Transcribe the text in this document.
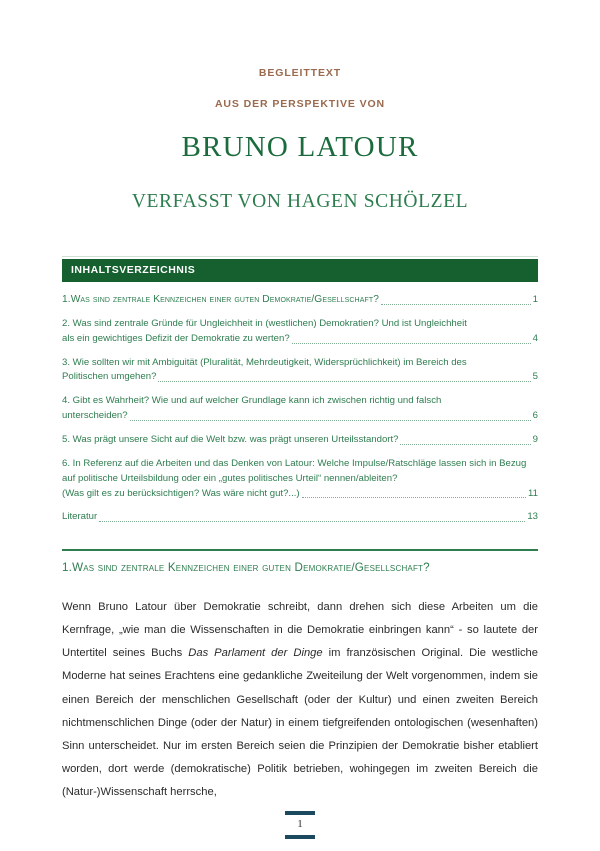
BEGLEITTEXT

AUS DER PERSPEKTIVE VON

BRUNO LATOUR

VERFASST VON HAGEN SCHÖLZEL

INHALTSVERZEICHNIS
1.Was sind zentrale Kennzeichen einer guten Demokratie/Gesellschaft?	1
2. Was sind zentrale Gründe für Ungleichheit in (westlichen) Demokratien? Und ist Ungleichheit
als ein gewichtiges Defizit der Demokratie zu werten?	4
3. Wie sollten wir mit Ambiguität (Pluralität, Mehrdeutigkeit, Widersprüchlichkeit) im Bereich des
Politischen umgehen?	5
4. Gibt es Wahrheit? Wie und auf welcher Grundlage kann ich zwischen richtig und falsch
unterscheiden?	6
5. Was prägt unsere Sicht auf die Welt bzw. was prägt unseren Urteilsstandort?	9
6. In Referenz auf die Arbeiten und das Denken von Latour: Welche Impulse/Ratschläge lassen sich in Bezug auf politische Urteilsbildung oder ein „gutes politisches Urteil“ nennen/ableiten?
(Was gilt es zu berücksichtigen? Was wäre nicht gut?...)	11
Literatur	13
1.Was sind zentrale Kennzeichen einer guten Demokratie/Gesellschaft?
Wenn Bruno Latour über Demokratie schreibt, dann drehen sich diese Arbeiten um die Kernfrage, „wie man die Wissenschaften in die Demokratie einbringen kann“ - so lautete der Untertitel seines Buchs Das Parlament der Dinge im französischen Original. Die westliche Moderne hat seines Erachtens eine gedankliche Zweiteilung der Welt vorgenommen, indem sie einen Bereich der menschlichen Gesellschaft (oder der Kultur) und einen zweiten Bereich nichtmenschlichen Dinge (oder der Natur) in einem tiefgreifenden ontologischen (wesenhaften) Sinn unterscheidet. Nur im ersten Bereich seien die Prinzipien der Demokratie bisher etabliert worden, dort werde (demokratische) Politik betrieben, wohingegen im zweiten Bereich die (Natur-)Wissenschaft herrsche,
1
